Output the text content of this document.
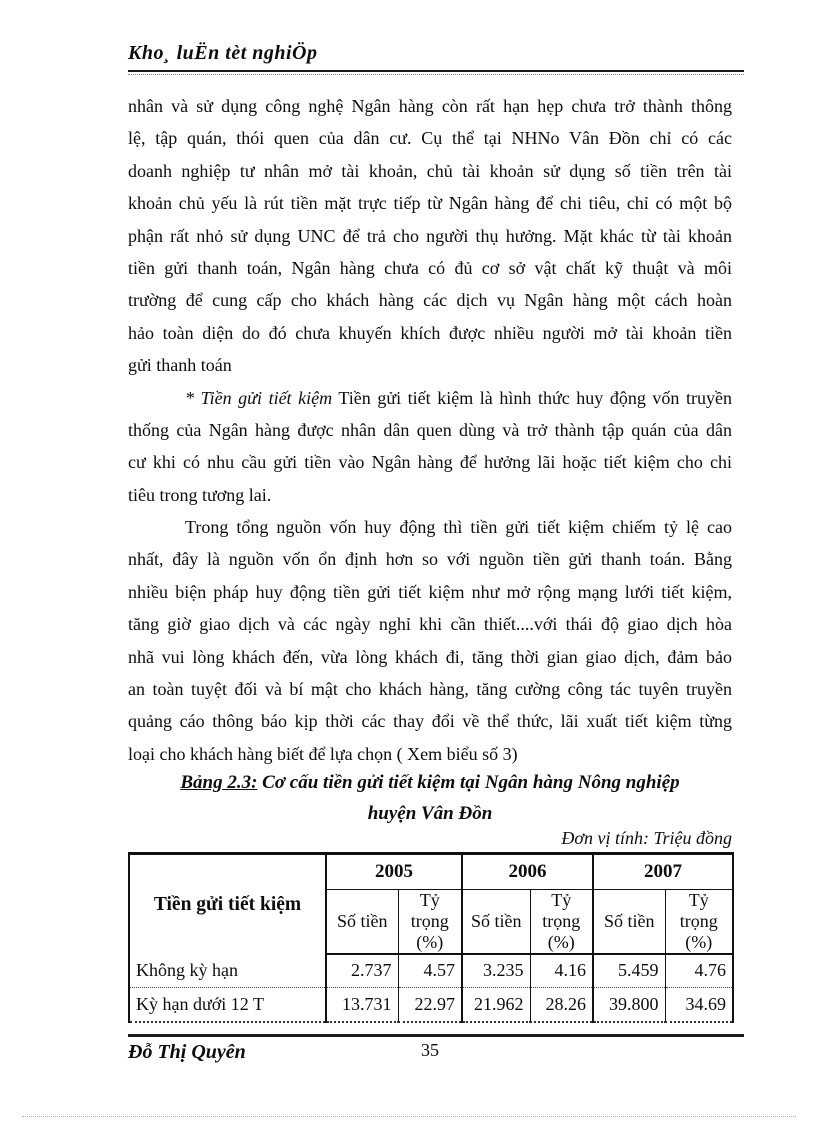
Kho¸ luËn tèt nghiÖp
nhân và sử dụng công nghệ Ngân hàng còn rất hạn hẹp chưa trở thành thông
lệ, tập quán, thói quen của dân cư. Cụ thể tại NHNo Vân Đồn chỉ có các
doanh nghiệp tư nhân mở tài khoản, chủ tài khoản sử dụng số tiền trên tài
khoản chủ yếu là rút tiền mặt trực tiếp từ Ngân hàng để chi tiêu, chỉ có một bộ
phận rất nhỏ sử dụng UNC để trả cho người thụ hưởng. Mặt khác từ tài khoản
tiền gửi thanh toán, Ngân hàng chưa có đủ cơ sở vật chất kỹ thuật và môi
trường để cung cấp cho khách hàng các dịch vụ Ngân hàng một cách hoàn
hảo toàn diện do đó chưa khuyến khích được nhiều người mở tài khoản tiền
gửi thanh toán
* Tiền gửi tiết kiệm Tiền gửi tiết kiệm là hình thức huy động vốn truyền
thống của Ngân hàng được nhân dân quen dùng và trở thành tập quán của dân
cư khi có nhu cầu gửi tiền vào Ngân hàng để hưởng lãi hoặc tiết kiệm cho chi
tiêu trong tương lai.
Trong tổng nguồn vốn huy động thì tiền gửi tiết kiệm chiếm tỷ lệ cao
nhất, đây là nguồn vốn ổn định hơn so với nguồn tiền gửi thanh toán. Bằng
nhiều biện pháp huy động tiền gửi tiết kiệm như mở rộng mạng lưới tiết kiệm,
tăng giờ giao dịch và các ngày nghỉ khi cần thiết....với thái độ giao dịch hòa
nhã vui lòng khách đến, vừa lòng khách đi, tăng thời gian giao dịch, đảm bảo
an toàn tuyệt đối và bí mật cho khách hàng, tăng cường công tác tuyên truyền
quảng cáo thông báo kịp thời các thay đổi về thể thức, lãi xuất tiết kiệm từng
loại cho khách hàng biết để lựa chọn ( Xem biểu số 3)
Bảng 2.3: Cơ cấu tiền gửi tiết kiệm tại Ngân hàng Nông nghiệp
huyện Vân Đồn
Đơn vị tính: Triệu đồng
Tiền gửi tiết kiệm	2005		2006		2007	
	Số tiền	Tỷ trọng (%)	Số tiền	Tỷ trọng (%)	Số tiền	Tỷ trọng (%)
Không kỳ hạn	2.737	4.57	3.235	4.16	5.459	4.76
Kỳ hạn dưới 12 T	13.731	22.97	21.962	28.26	39.800	34.69
35
Đỗ Thị Quyên
